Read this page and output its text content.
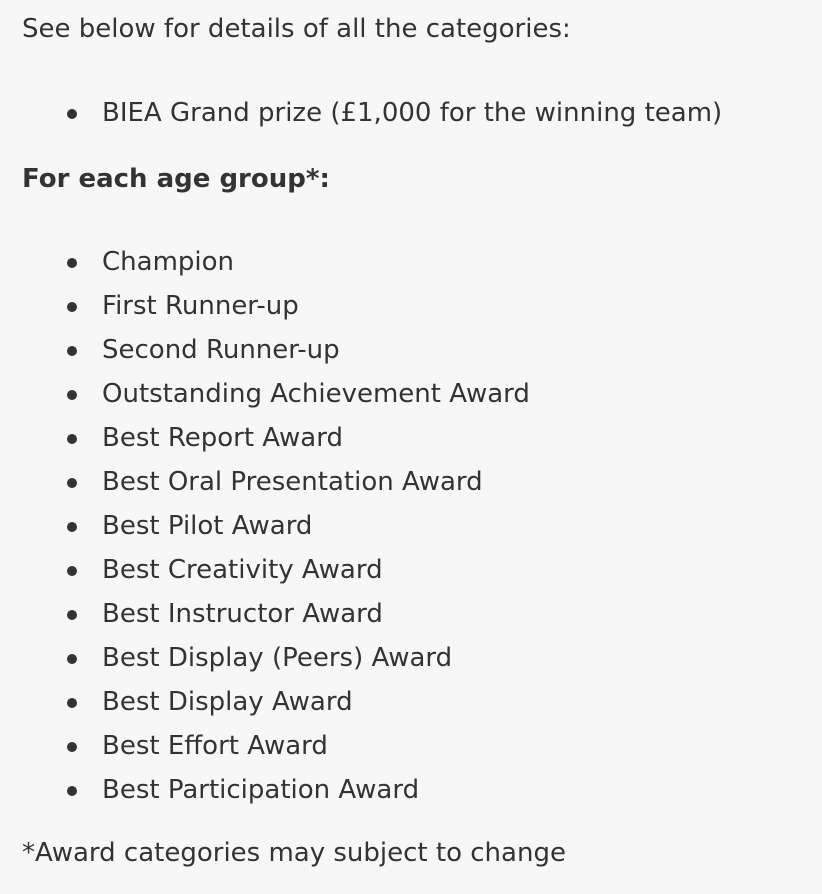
See below for details of all the categories:

BIEA Grand prize (£1,000 for the winning team)

For each age group*:

Champion
First Runner-up
Second Runner-up
Outstanding Achievement Award
Best Report Award
Best Oral Presentation Award
Best Pilot Award
Best Creativity Award
Best Instructor Award
Best Display (Peers) Award
Best Display Award
Best Effort Award
Best Participation Award

*Award categories may subject to change
